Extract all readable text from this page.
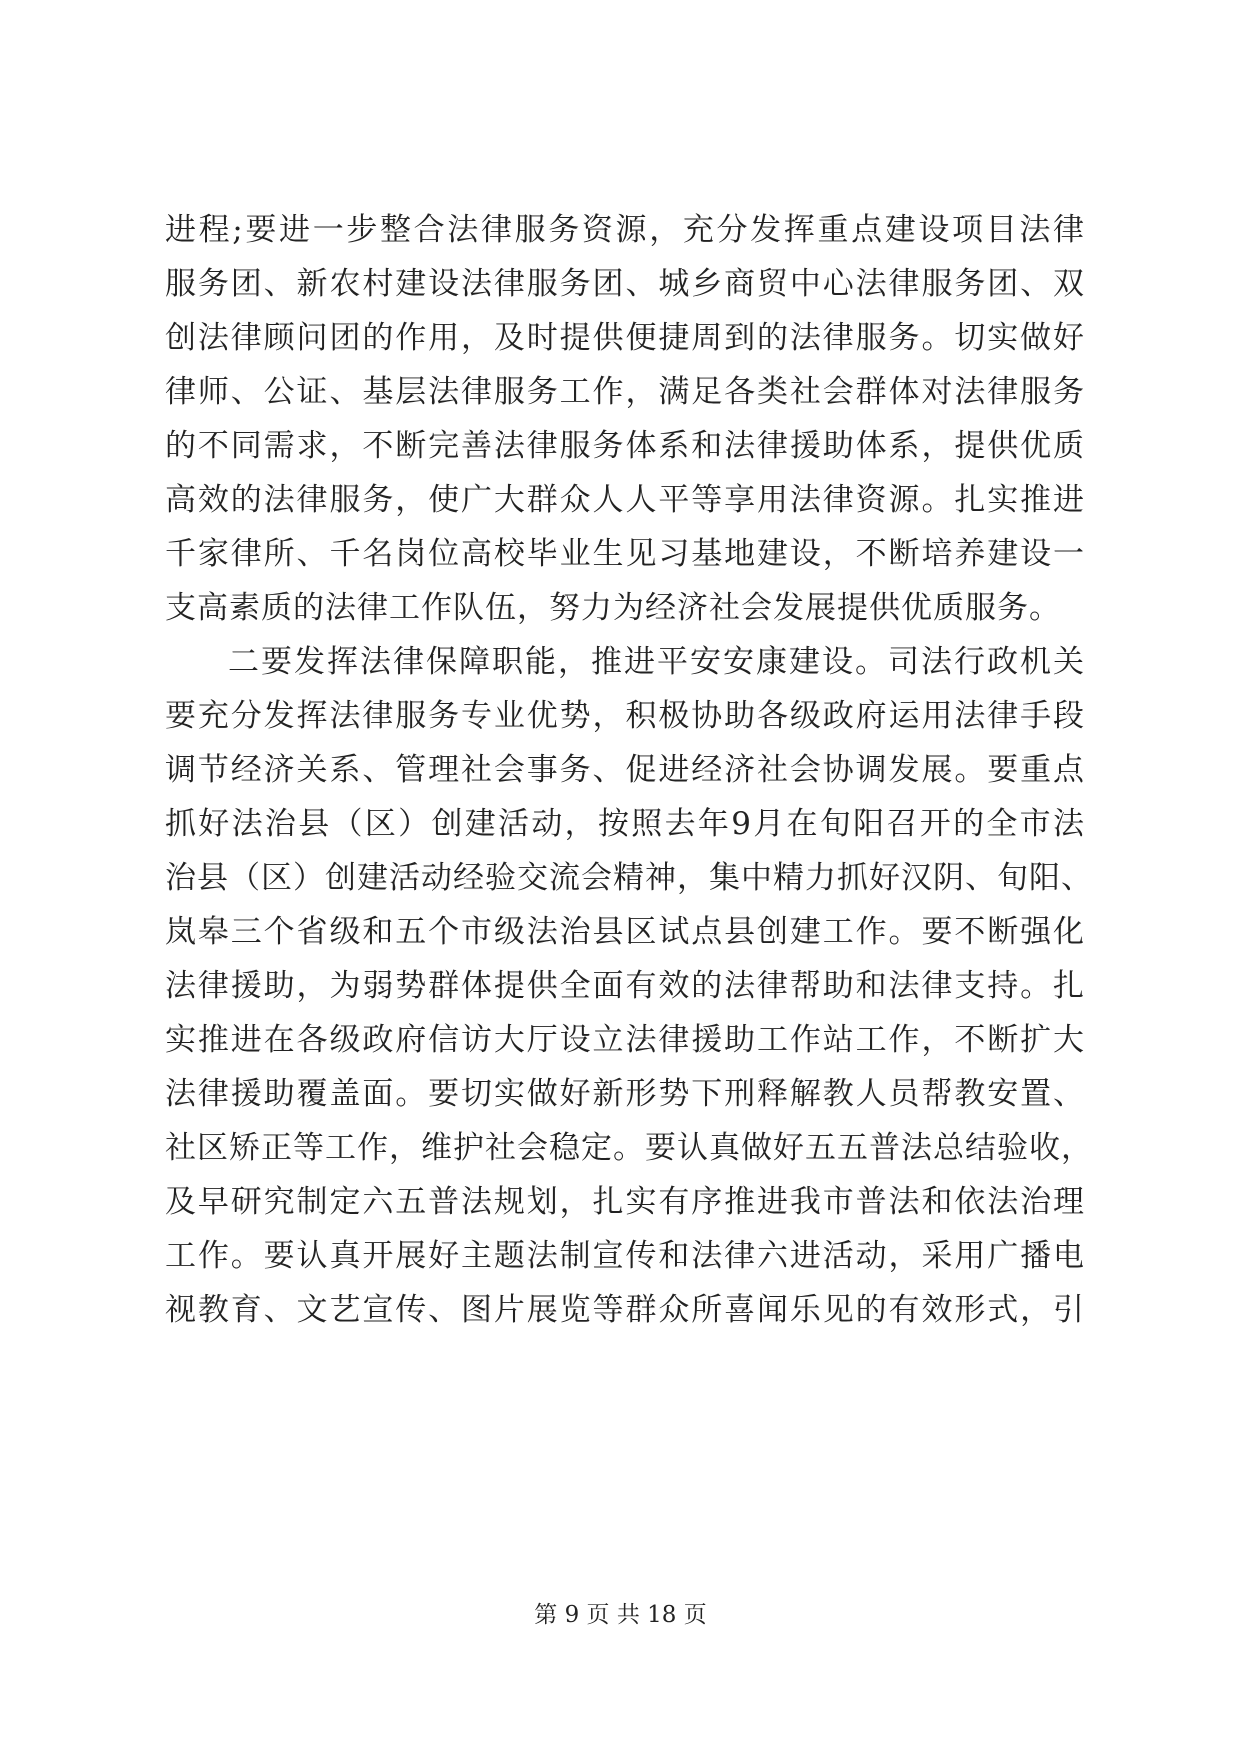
进程;要进一步整合法律服务资源，充分发挥重点建设项目法律
服务团、新农村建设法律服务团、城乡商贸中心法律服务团、双
创法律顾问团的作用，及时提供便捷周到的法律服务。切实做好
律师、公证、基层法律服务工作，满足各类社会群体对法律服务
的不同需求，不断完善法律服务体系和法律援助体系，提供优质
高效的法律服务，使广大群众人人平等享用法律资源。扎实推进
千家律所、千名岗位高校毕业生见习基地建设，不断培养建设一
支高素质的法律工作队伍，努力为经济社会发展提供优质服务。
二要发挥法律保障职能，推进平安安康建设。司法行政机关
要充分发挥法律服务专业优势，积极协助各级政府运用法律手段
调节经济关系、管理社会事务、促进经济社会协调发展。要重点
抓好法治县（区）创建活动，按照去年9月在旬阳召开的全市法
治县（区）创建活动经验交流会精神，集中精力抓好汉阴、旬阳、
岚皋三个省级和五个市级法治县区试点县创建工作。要不断强化
法律援助，为弱势群体提供全面有效的法律帮助和法律支持。扎
实推进在各级政府信访大厅设立法律援助工作站工作，不断扩大
法律援助覆盖面。要切实做好新形势下刑释解教人员帮教安置、
社区矫正等工作，维护社会稳定。要认真做好五五普法总结验收，
及早研究制定六五普法规划，扎实有序推进我市普法和依法治理
工作。要认真开展好主题法制宣传和法律六进活动，采用广播电
视教育、文艺宣传、图片展览等群众所喜闻乐见的有效形式，引
第 9 页 共 18 页
